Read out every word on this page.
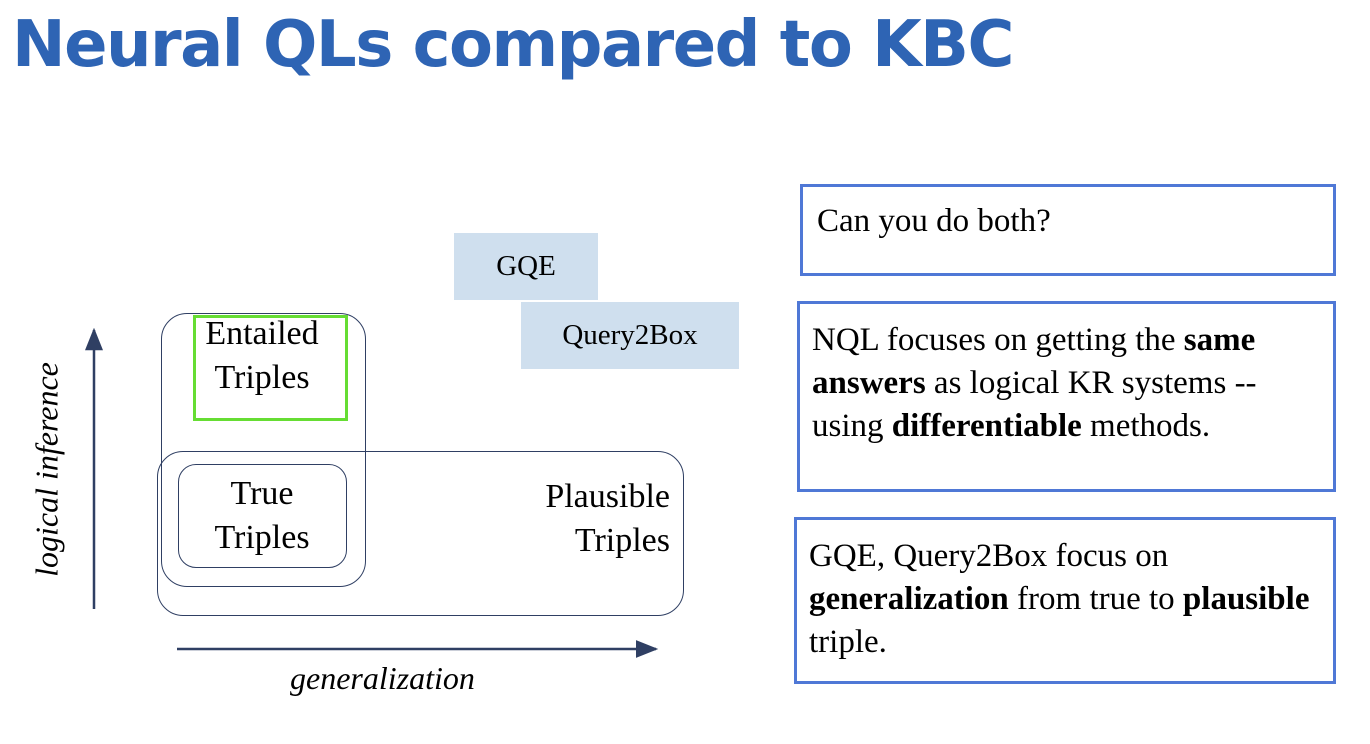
Neural QLs compared to KBC
Entailed
Triples
True
Triples
Plausible
Triples
GQE
Query2Box
logical inference
generalization
Can you do both?
NQL focuses on getting the same answers as logical KR systems -- using differentiable methods.
GQE, Query2Box focus on generalization from true to plausible triple.
